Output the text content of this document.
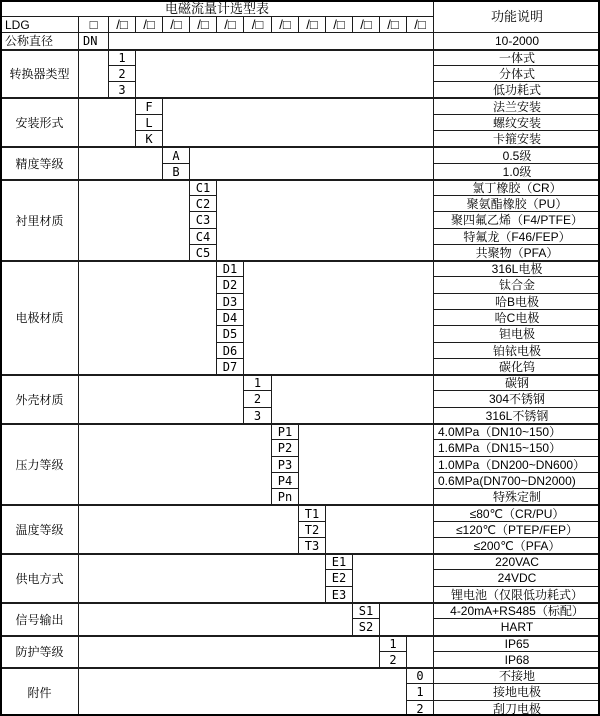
电磁流量计选型表
功能说明
LDG	□	/□	/□	/□	/□	/□	/□	/□	/□	/□	/□	/□	/□
公称直径	DN	10-2000
转换器类型
1	一体式
2	分体式
3	低功耗式
安装形式
F	法兰安装
L	螺纹安装
K	卡箍安装
精度等级
A	0.5级
B	1.0级
衬里材质
C1	氯丁橡胶（CR）
C2	聚氨酯橡胶（PU）
C3	聚四氟乙烯（F4/PTFE）
C4	特氟龙（F46/FEP）
C5	共聚物（PFA）
电极材质
D1	316L电极
D2	钛合金
D3	哈B电极
D4	哈C电极
D5	钽电极
D6	铂铱电极
D7	碳化钨
外壳材质
1	碳钢
2	304不锈钢
3	316L不锈钢
压力等级
P1	4.0MPa（DN10~150）
P2	1.6MPa（DN15~150）
P3	1.0MPa（DN200~DN600）
P4	0.6MPa(DN700~DN2000)
Pn	特殊定制
温度等级
T1	≤80℃（CR/PU）
T2	≤120℃（PTEP/FEP）
T3	≤200℃（PFA）
供电方式
E1	220VAC
E2	24VDC
E3	锂电池（仅限低功耗式）
信号输出
S1	4-20mA+RS485（标配）
S2	HART
防护等级
1	IP65
2	IP68
附件
0	不接地
1	接地电极
2	刮刀电极
